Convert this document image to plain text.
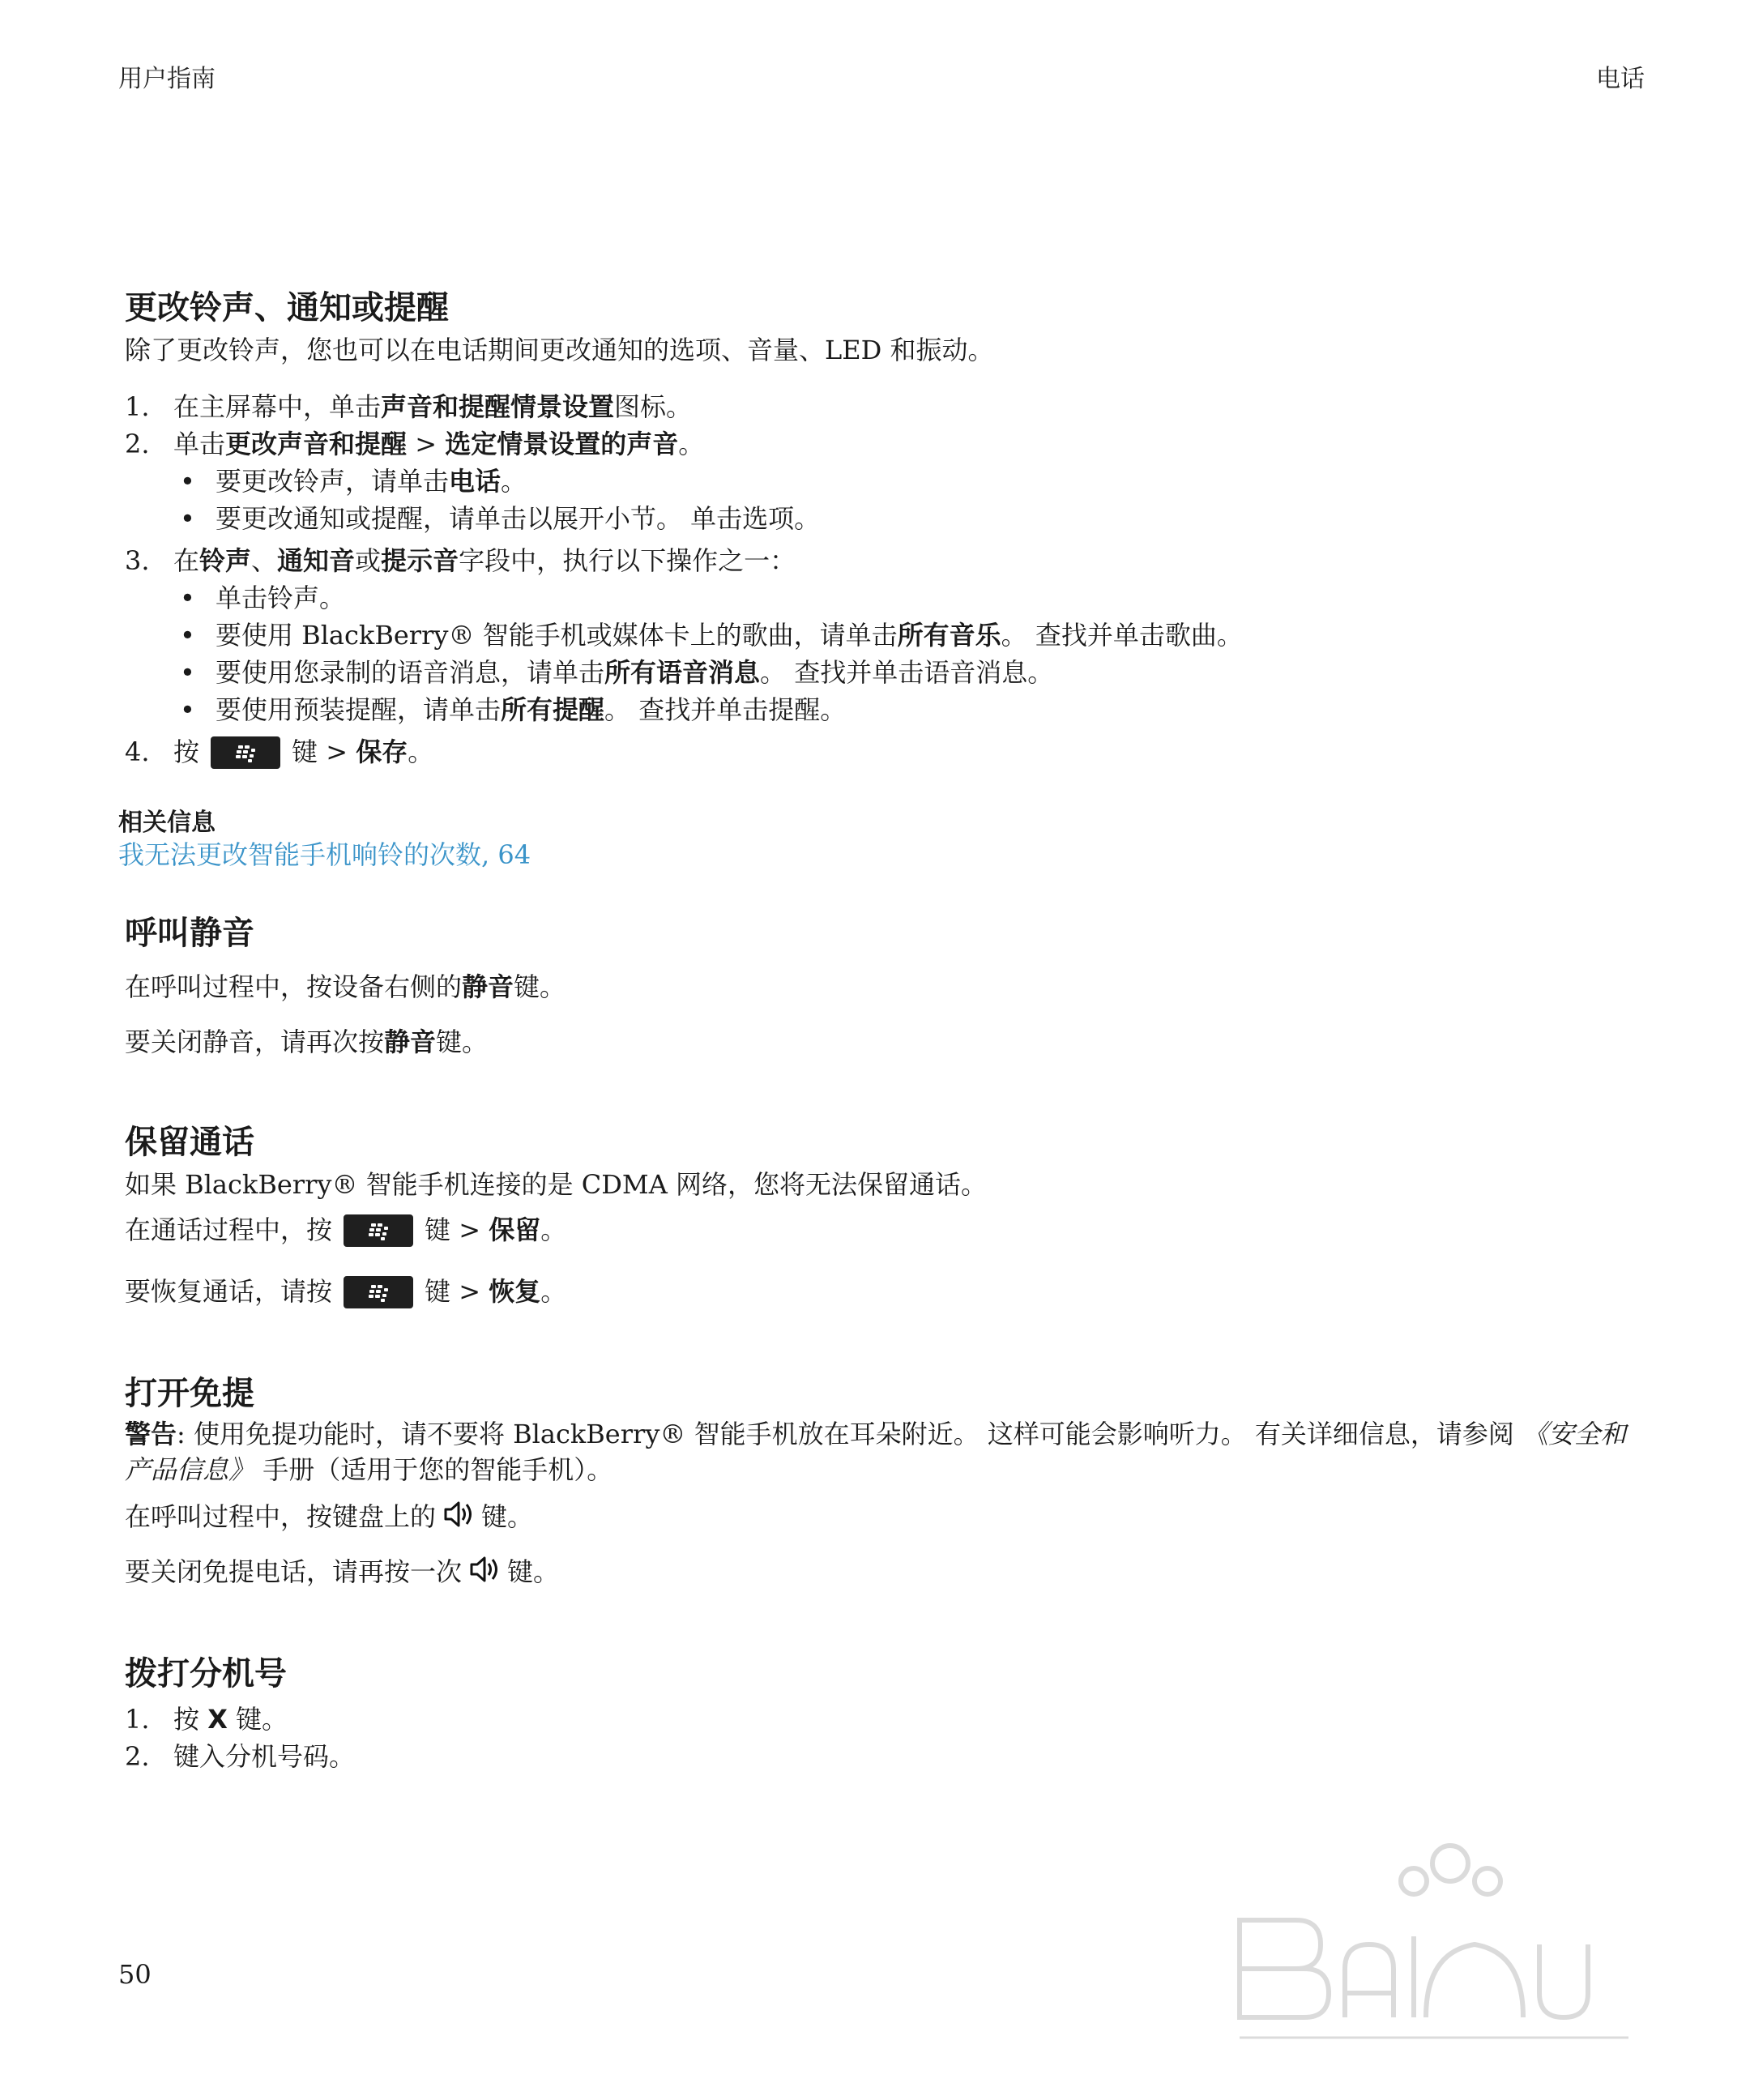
用户指南	电话
更改铃声、通知或提醒
除了更改铃声，您也可以在电话期间更改通知的选项、音量、LED 和振动。
1. 在主屏幕中，单击声音和提醒情景设置图标。
2. 单击更改声音和提醒 > 选定情景设置的声音。
• 要更改铃声，请单击电话。
• 要更改通知或提醒，请单击以展开小节。 单击选项。
3. 在铃声、通知音或提示音字段中，执行以下操作之一：
• 单击铃声。
• 要使用 BlackBerry® 智能手机或媒体卡上的歌曲，请单击所有音乐。 查找并单击歌曲。
• 要使用您录制的语音消息，请单击所有语音消息。 查找并单击语音消息。
• 要使用预装提醒，请单击所有提醒。 查找并单击提醒。
4. 按	键 > 保存。
相关信息
我无法更改智能手机响铃的次数, 64
呼叫静音
在呼叫过程中，按设备右侧的静音键。
要关闭静音，请再次按静音键。
保留通话
如果 BlackBerry® 智能手机连接的是 CDMA 网络，您将无法保留通话。
在通话过程中，按	键 > 保留。
要恢复通话，请按	键 > 恢复。
打开免提
警告: 使用免提功能时，请不要将 BlackBerry® 智能手机放在耳朵附近。 这样可能会影响听力。 有关详细信息，请参阅 《安全和产品信息》 手册（适用于您的智能手机）。
在呼叫过程中，按键盘上的 键。
要关闭免提电话，请再按一次 键。
拨打分机号
1. 按 X 键。
2. 键入分机号码。
50
